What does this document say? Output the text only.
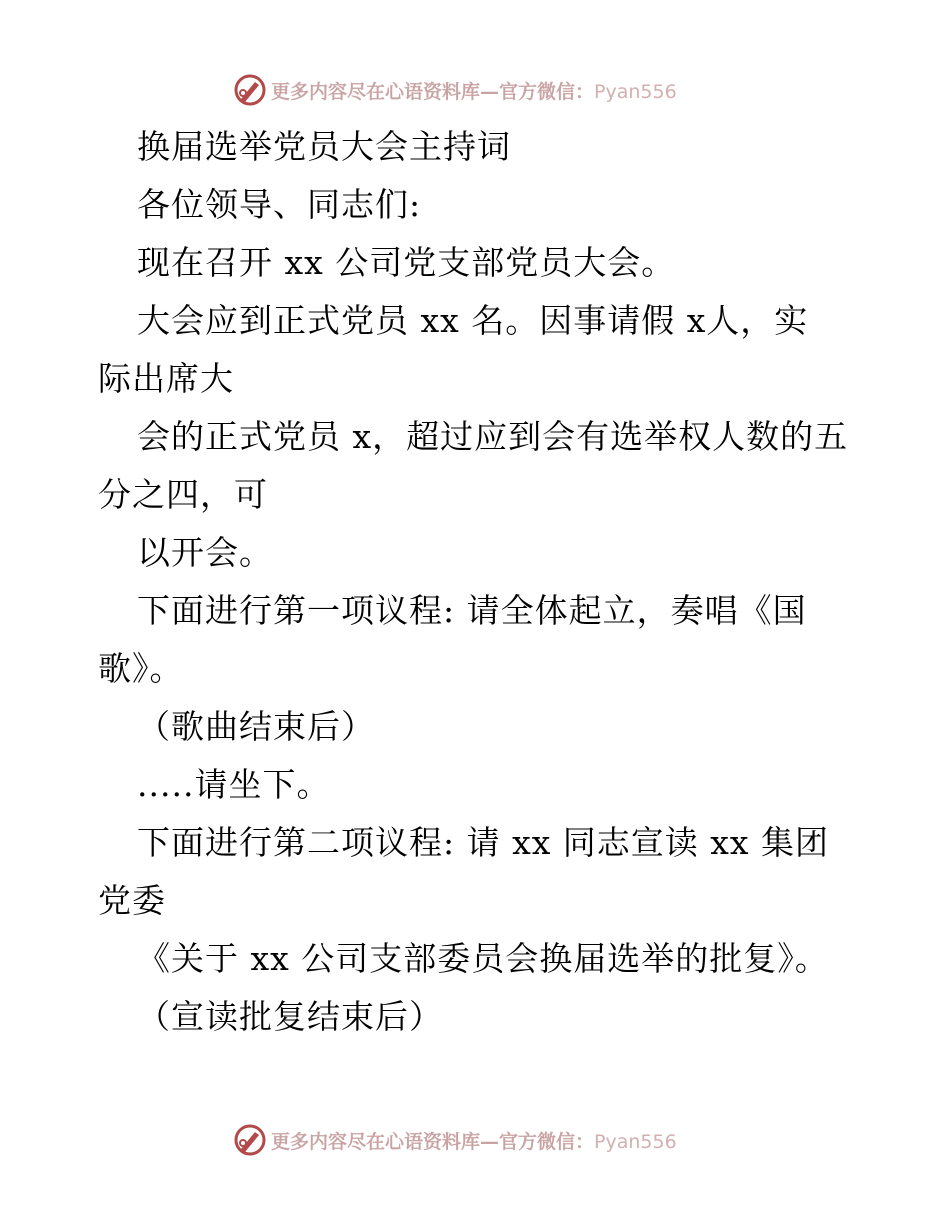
更多内容尽在心语资料库—官方微信：Pyan556
换届选举党员大会主持词
各位领导、同志们:
现在召开 xx 公司党支部党员大会。
大会应到正式党员 xx 名。因事请假 x人，实
际出席大
会的正式党员 x，超过应到会有选举权人数的五
分之四，可
以开会。
下面进行第一项议程: 请全体起立，奏唱《国
歌》。
（歌曲结束后）
.....请坐下。
下面进行第二项议程: 请 xx 同志宣读 xx 集团
党委
《关于 xx 公司支部委员会换届选举的批复》。
（宣读批复结束后）
更多内容尽在心语资料库—官方微信：Pyan556
